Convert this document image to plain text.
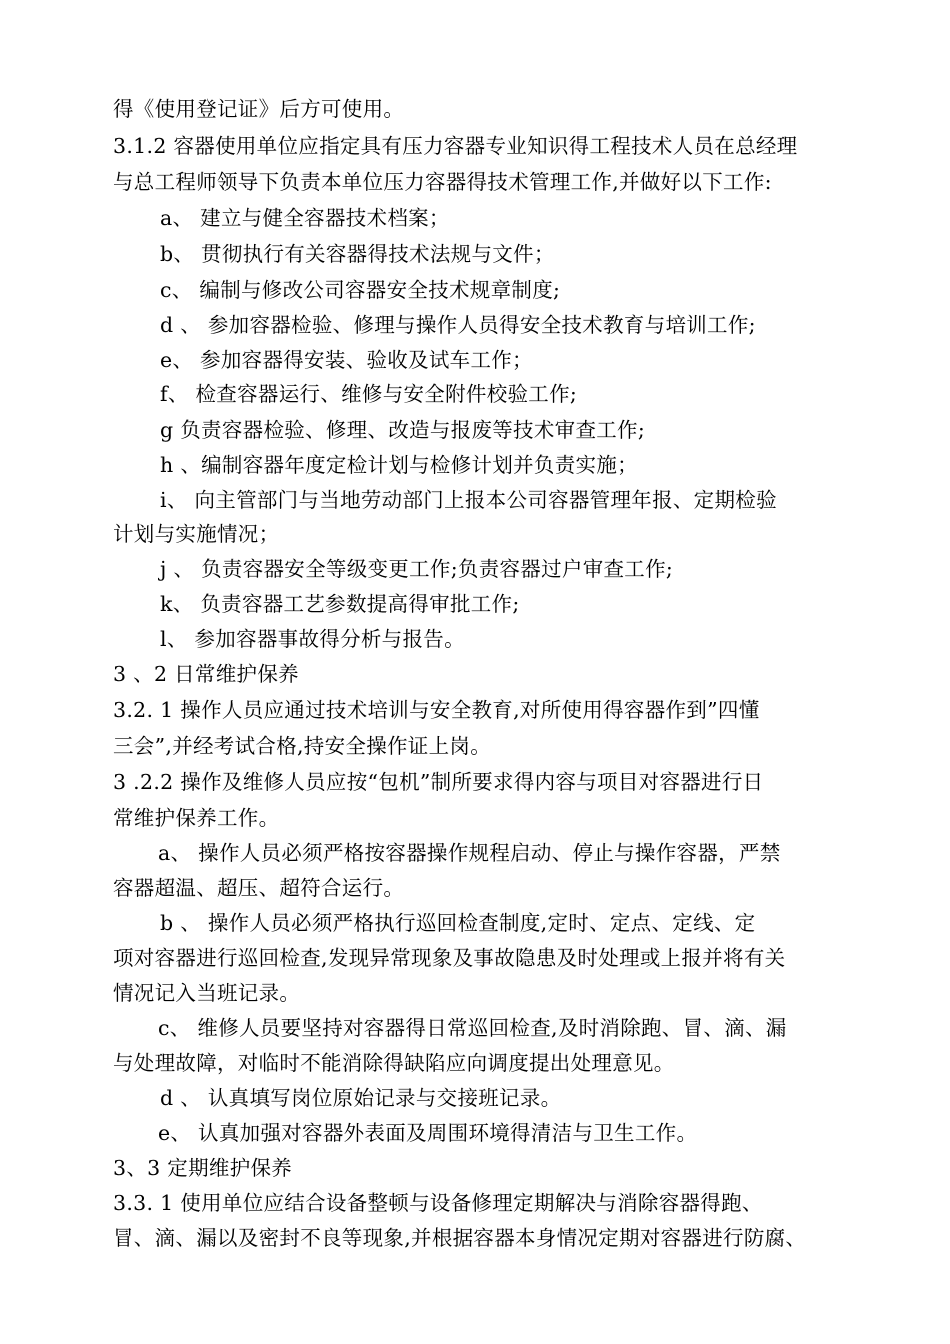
得《使用登记证》后方可使用。
3.1.2 容器使用单位应指定具有压力容器专业知识得工程技术人员在总经理
与总工程师领导下负责本单位压力容器得技术管理工作,并做好以下工作:
a、 建立与健全容器技术档案；
b、 贯彻执行有关容器得技术法规与文件；
c、 编制与修改公司容器安全技术规章制度;
d 、 参加容器检验、修理与操作人员得安全技术教育与培训工作;
e、 参加容器得安装、验收及试车工作；
f、 检查容器运行、维修与安全附件校验工作;
g 负责容器检验、修理、改造与报废等技术审查工作;
h 、编制容器年度定检计划与检修计划并负责实施；
i、 向主管部门与当地劳动部门上报本公司容器管理年报、定期检验
计划与实施情况；
j 、 负责容器安全等级变更工作;负责容器过户审查工作;
k、 负责容器工艺参数提高得审批工作;
l、 参加容器事故得分析与报告。
3 、2 日常维护保养
3.2. 1 操作人员应通过技术培训与安全教育,对所使用得容器作到”四懂
三会”,并经考试合格,持安全操作证上岗。
3 .2.2 操作及维修人员应按“包机”制所要求得内容与项目对容器进行日
常维护保养工作。
a、 操作人员必须严格按容器操作规程启动、停止与操作容器，严禁
容器超温、超压、超符合运行。
b 、 操作人员必须严格执行巡回检查制度,定时、定点、定线、定
项对容器进行巡回检查,发现异常现象及事故隐患及时处理或上报并将有关
情况记入当班记录。
c、 维修人员要坚持对容器得日常巡回检查,及时消除跑、冒、滴、漏
与处理故障，对临时不能消除得缺陷应向调度提出处理意见。
d 、 认真填写岗位原始记录与交接班记录。
e、 认真加强对容器外表面及周围环境得清洁与卫生工作。
3、3 定期维护保养
3.3. 1 使用单位应结合设备整顿与设备修理定期解决与消除容器得跑、
冒、滴、漏以及密封不良等现象,并根据容器本身情况定期对容器进行防腐、
